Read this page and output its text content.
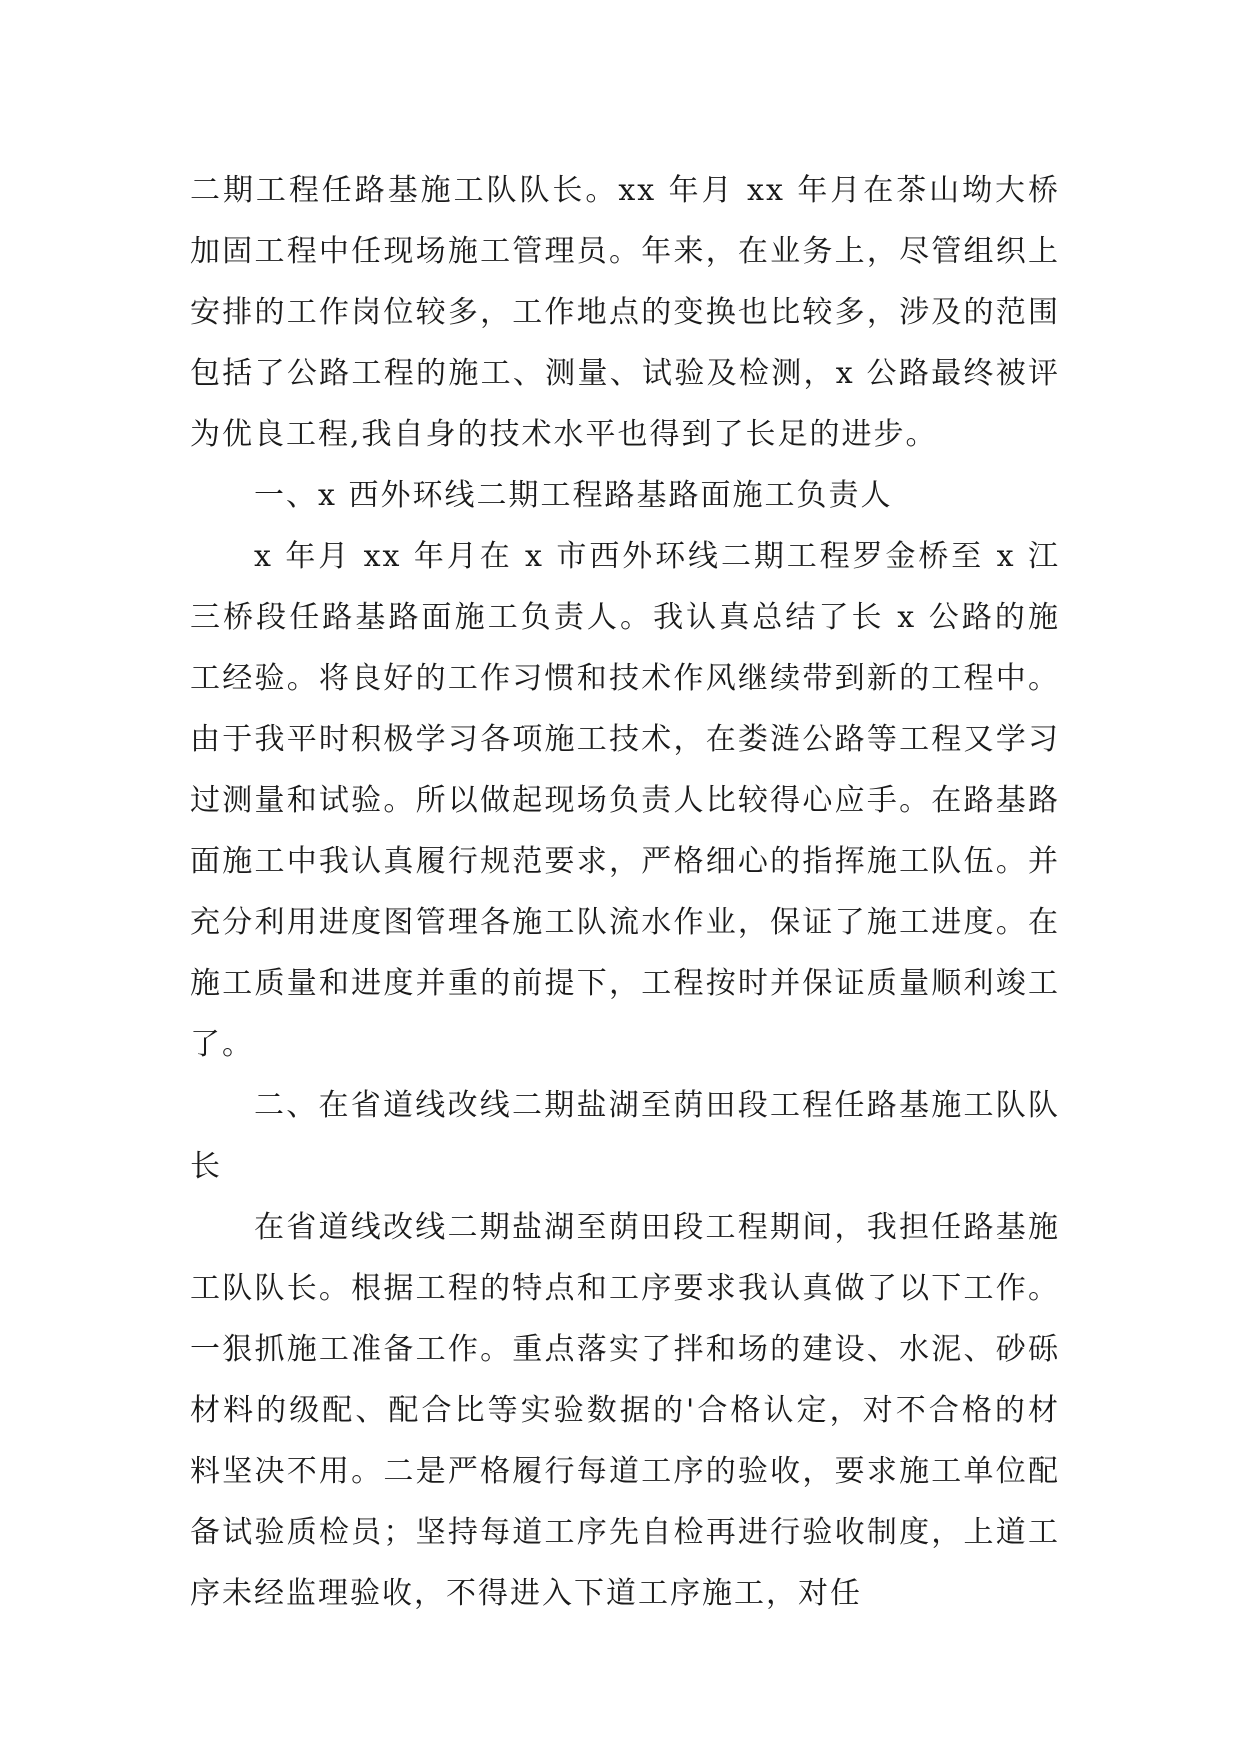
二期工程任路基施工队队长。xx 年月 xx 年月在茶山坳大桥加固工程中任现场施工管理员。年来，在业务上，尽管组织上安排的工作岗位较多，工作地点的变换也比较多，涉及的范围包括了公路工程的施工、测量、试验及检测，x 公路最终被评为优良工程,我自身的技术水平也得到了长足的进步。

一、x 西外环线二期工程路基路面施工负责人

x 年月 xx 年月在 x 市西外环线二期工程罗金桥至 x 江三桥段任路基路面施工负责人。我认真总结了长 x 公路的施工经验。将良好的工作习惯和技术作风继续带到新的工程中。由于我平时积极学习各项施工技术，在娄涟公路等工程又学习过测量和试验。所以做起现场负责人比较得心应手。在路基路面施工中我认真履行规范要求，严格细心的指挥施工队伍。并充分利用进度图管理各施工队流水作业，保证了施工进度。在施工质量和进度并重的前提下，工程按时并保证质量顺利竣工了。

二、在省道线改线二期盐湖至荫田段工程任路基施工队队长

在省道线改线二期盐湖至荫田段工程期间，我担任路基施工队队长。根据工程的特点和工序要求我认真做了以下工作。一狠抓施工准备工作。重点落实了拌和场的建设、水泥、砂砾材料的级配、配合比等实验数据的'合格认定，对不合格的材料坚决不用。二是严格履行每道工序的验收，要求施工单位配备试验质检员；坚持每道工序先自检再进行验收制度，上道工序未经监理验收，不得进入下道工序施工，对任
